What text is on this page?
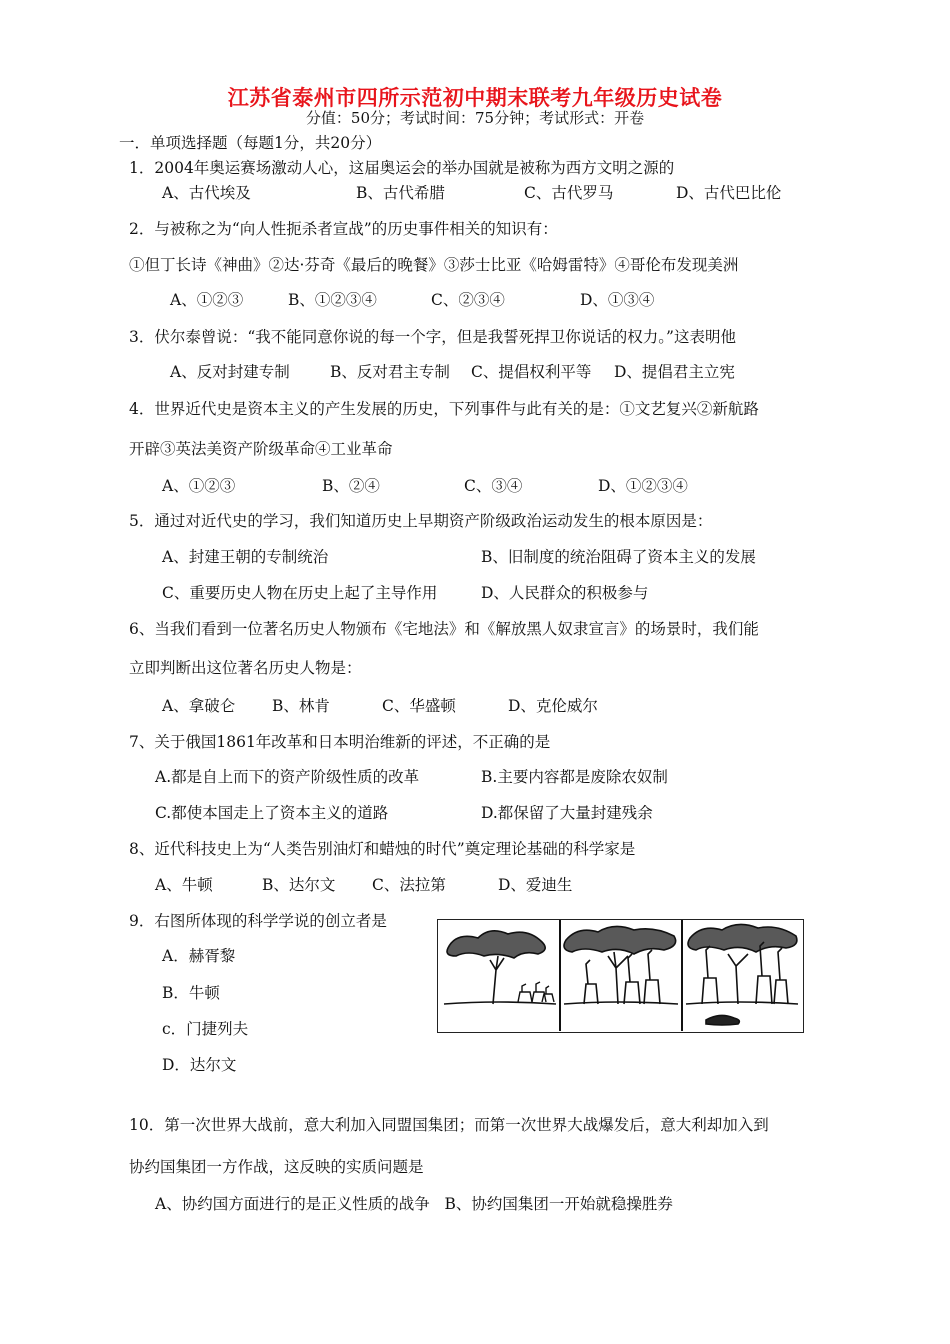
江苏省泰州市四所示范初中期末联考九年级历史试卷
分值：50分；考试时间：75分钟；考试形式：开卷
一．单项选择题（每题1分，共20分）
1．2004年奥运赛场激动人心，这届奥运会的举办国就是被称为西方文明之源的
A、古代埃及	B、古代希腊	C、古代罗马	D、古代巴比伦
2．与被称之为“向人性扼杀者宣战”的历史事件相关的知识有：
①但丁长诗《神曲》②达·芬奇《最后的晚餐》③莎士比亚《哈姆雷特》④哥伦布发现美洲
A、①②③	B、①②③④	C、②③④	D、①③④
3．伏尔泰曾说：“我不能同意你说的每一个字，但是我誓死捍卫你说话的权力。”这表明他
A、反对封建专制	B、反对君主专制 C、提倡权利平等 D、提倡君主立宪
4．世界近代史是资本主义的产生发展的历史，下列事件与此有关的是：①文艺复兴②新航路
开辟③英法美资产阶级革命④工业革命
A、①②③	B、②④	C、③④	D、①②③④
5．通过对近代史的学习，我们知道历史上早期资产阶级政治运动发生的根本原因是：
A、封建王朝的专制统治	B、旧制度的统治阻碍了资本主义的发展
C、重要历史人物在历史上起了主导作用	D、人民群众的积极参与
6、当我们看到一位著名历史人物颁布《宅地法》和《解放黑人奴隶宣言》的场景时，我们能
立即判断出这位著名历史人物是：
A、拿破仑 B、林肯	C、华盛顿	D、克伦威尔
7、关于俄国1861年改革和日本明治维新的评述，不正确的是
A.都是自上而下的资产阶级性质的改革	B.主要内容都是废除农奴制
C.都使本国走上了资本主义的道路	D.都保留了大量封建残余
8、近代科技史上为“人类告别油灯和蜡烛的时代”奠定理论基础的科学家是
A、牛顿	B、达尔文 C、法拉第	D、爱迪生
9．右图所体现的科学学说的创立者是
A．赫胥黎
B．牛顿
c．门捷列夫
D．达尔文
10．第一次世界大战前，意大利加入同盟国集团；而第一次世界大战爆发后，意大利却加入到
协约国集团一方作战，这反映的实质问题是
A、协约国方面进行的是正义性质的战争   B、协约国集团一开始就稳操胜券
